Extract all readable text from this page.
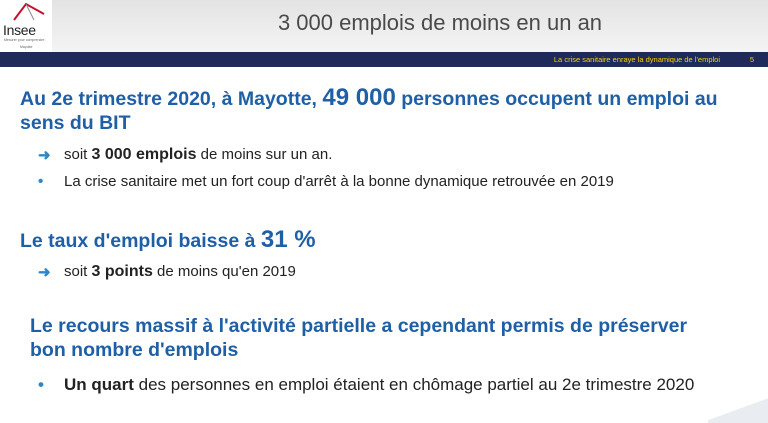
Insee
Mesurer pour comprendre
Mayotte
3 000 emplois de moins en un an
La crise sanitaire enraye la dynamique de l'emploi	5
Au 2e trimestre 2020, à Mayotte, 49 000 personnes occupent un emploi au sens du BIT
➜ soit 3 000 emplois de moins sur un an.
• La crise sanitaire met un fort coup d'arrêt à la bonne dynamique retrouvée en 2019
Le taux d'emploi baisse à 31 %
➜ soit 3 points de moins qu'en 2019
Le recours massif à l'activité partielle a cependant permis de préserver bon nombre d'emplois
• Un quart des personnes en emploi étaient en chômage partiel au 2e trimestre 2020
